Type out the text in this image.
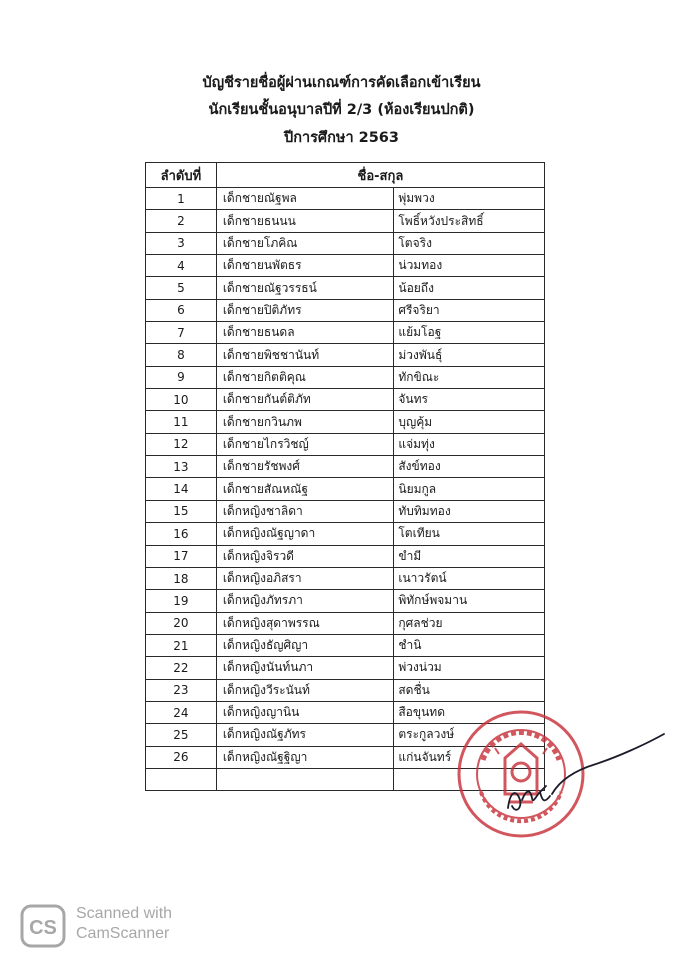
บัญชีรายชื่อผู้ผ่านเกณฑ์การคัดเลือกเข้าเรียน
นักเรียนชั้นอนุบาลปีที่ 2/3 (ห้องเรียนปกติ)
ปีการศึกษา 2563
ลำดับที่	ชื่อ-สกุล	
1	เด็กชายณัฐพล	พุ่มพวง
2	เด็กชายธนนน	โพธิ์หวังประสิทธิ์
3	เด็กชายโภคิณ	โตจริง
4	เด็กชายนพัตธร	น่วมทอง
5	เด็กชายณัฐวรรธน์	น้อยถึง
6	เด็กชายปิติภัทร	ศรีจริยา
7	เด็กชายธนดล	แย้มโอฐ
8	เด็กชายพิชชานันท์	ม่วงพันธุ์
9	เด็กชายกิตติคุณ	ทักขิณะ
10	เด็กชายกันต์ติภัท	จันทร
11	เด็กชายกวินภพ	บุญคุ้ม
12	เด็กชายไกรวิชญ์	แจ่มทุ่ง
13	เด็กชายรัชพงศ์	สังข์ทอง
14	เด็กชายสัณหณัฐ	นิยมกูล
15	เด็กหญิงชาลิดา	ทับทิมทอง
16	เด็กหญิงณัฐญาดา	โตเทียน
17	เด็กหญิงจิรวดี	ขำมี
18	เด็กหญิงอภิสรา	เนาวรัตน์
19	เด็กหญิงภัทรภา	พิทักษ์พจมาน
20	เด็กหญิงสุดาพรรณ	กุศลช่วย
21	เด็กหญิงธัญศิญา	ชำนิ
22	เด็กหญิงนันท์นภา	พ่วงน่วม
23	เด็กหญิงวีระนันท์	สดชื่น
24	เด็กหญิงญานิน	สือขุนทด
25	เด็กหญิงณัฐภัทร	ตระกูลวงษ์
26	เด็กหญิงณัฐฐิญา	แก่นจันทร์

CS
Scanned with
CamScanner
